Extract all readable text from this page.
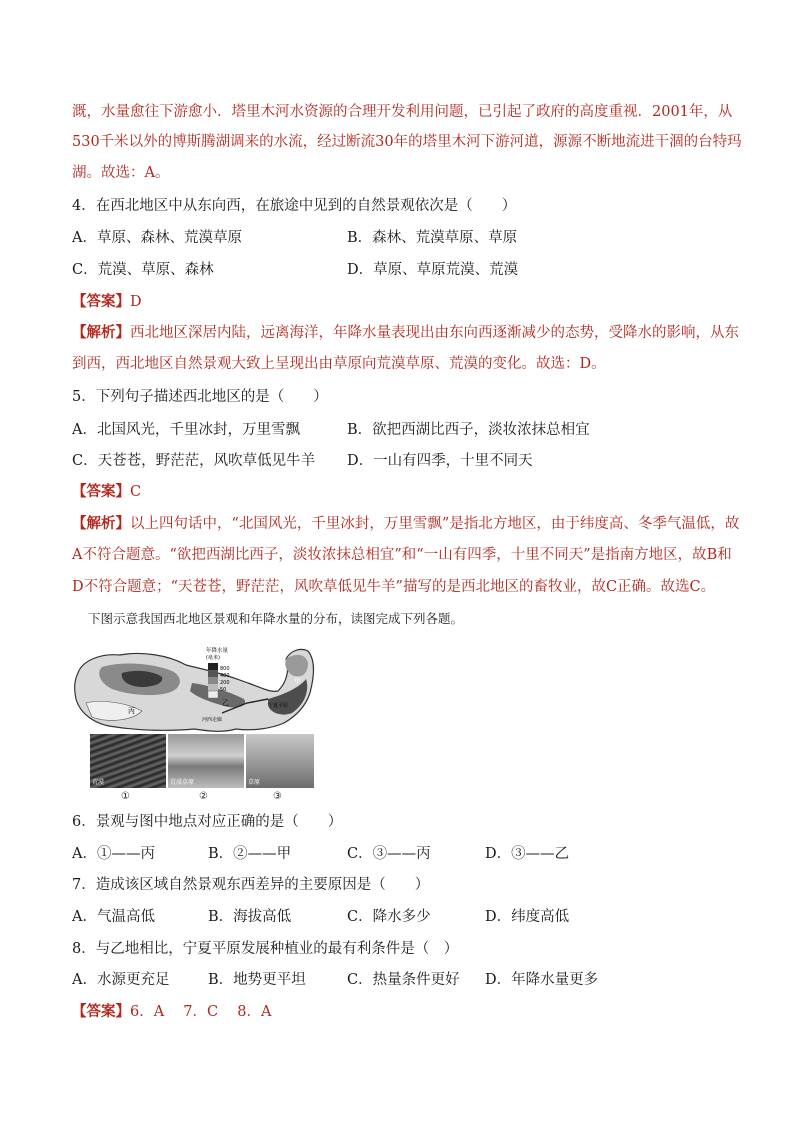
溉，水量愈往下游愈小．塔里木河水资源的合理开发利用问题，已引起了政府的高度重视．2001年，从
530千米以外的博斯腾湖调来的水流，经过断流30年的塔里木河下游河道，源源不断地流进干涸的台特玛
湖。故选：A。
4．在西北地区中从东向西，在旅途中见到的自然景观依次是（　　）
A．草原、森林、荒漠草原	B．森林、荒漠草原、草原
C．荒漠、草原、森林	D．草原、草原荒漠、荒漠
【答案】D
【解析】西北地区深居内陆，远离海洋，年降水量表现出由东向西逐渐减少的态势，受降水的影响，从东
到西，西北地区自然景观大致上呈现出由草原向荒漠草原、荒漠的变化。故选：D。
5．下列句子描述西北地区的是（　　）
A．北国风光，千里冰封，万里雪飘	B．欲把西湖比西子，淡妆浓抹总相宜
C．天苍苍，野茫茫，风吹草低见牛羊 D．一山有四季，十里不同天
【答案】C
【解析】以上四句话中，“北国风光，千里冰封，万里雪飘”是指北方地区，由于纬度高、冬季气温低，故
A不符合题意。“欲把西湖比西子，淡妆浓抹总相宜”和“一山有四季，十里不同天”是指南方地区，故B和
D不符合题意；“天苍苍，野茫茫，风吹草低见牛羊”描写的是西北地区的畜牧业，故C正确。故选C。
下图示意我国西北地区景观和年降水量的分布，读图完成下列各题。
年降水量
(毫米)
800
400
200
50
甲
乙
丙
河西走廊
宁夏平原
荒漠	荒漠草原	草原
①	②	③
6．景观与图中地点对应正确的是（　　）
A．①——丙	B．②——甲	C．③——丙	D．③——乙
7．造成该区域自然景观东西差异的主要原因是（　　）
A．气温高低	B．海拔高低	C．降水多少	D．纬度高低
8．与乙地相比，宁夏平原发展种植业的最有利条件是（　）
A．水源更充足	B．地势更平坦	C．热量条件更好 D．年降水量更多
【答案】6．A　 7．C　 8．A
